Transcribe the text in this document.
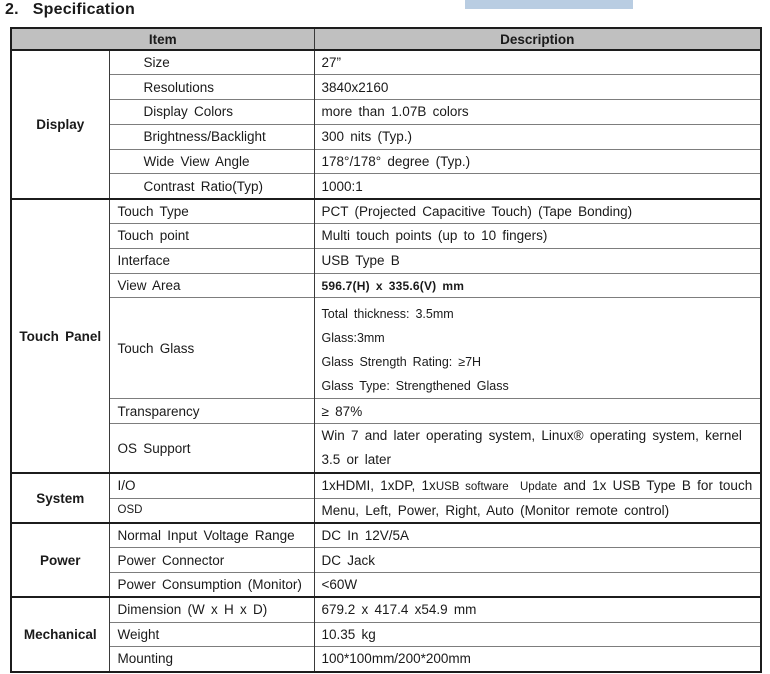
2. Specification
Item		Description
Display	Size	27”
	Resolutions	3840x2160
	Display Colors	more than 1.07B colors
	Brightness/Backlight	300 nits (Typ.)
	Wide View Angle	178°/178° degree (Typ.)
	Contrast Ratio(Typ)	1000:1
Touch Panel	Touch Type	PCT (Projected Capacitive Touch) (Tape Bonding)
	Touch point	Multi touch points (up to 10 fingers)
	Interface	USB Type B
	View Area	596.7(H) x 335.6(V) mm
	Touch Glass	Total thickness: 3.5mm
Glass:3mm
Glass Strength Rating: ≥7H
Glass Type: Strengthened Glass

	Transparency	≥ 87%
	OS Support	Win 7 and later operating system, Linux® operating system, kernel 3.5 or later
System	I/O	1xHDMI, 1xDP, 1xUSB software  Update and 1x USB Type B for touch
	OSD	Menu, Left, Power, Right, Auto (Monitor remote control)
Power	Normal Input Voltage Range	DC In 12V/5A
	Power Connector	DC Jack
	Power Consumption (Monitor)	<60W
Mechanical	Dimension (W x H x D)	679.2 x 417.4 x54.9 mm
	Weight	10.35 kg
	Mounting	100*100mm/200*200mm
